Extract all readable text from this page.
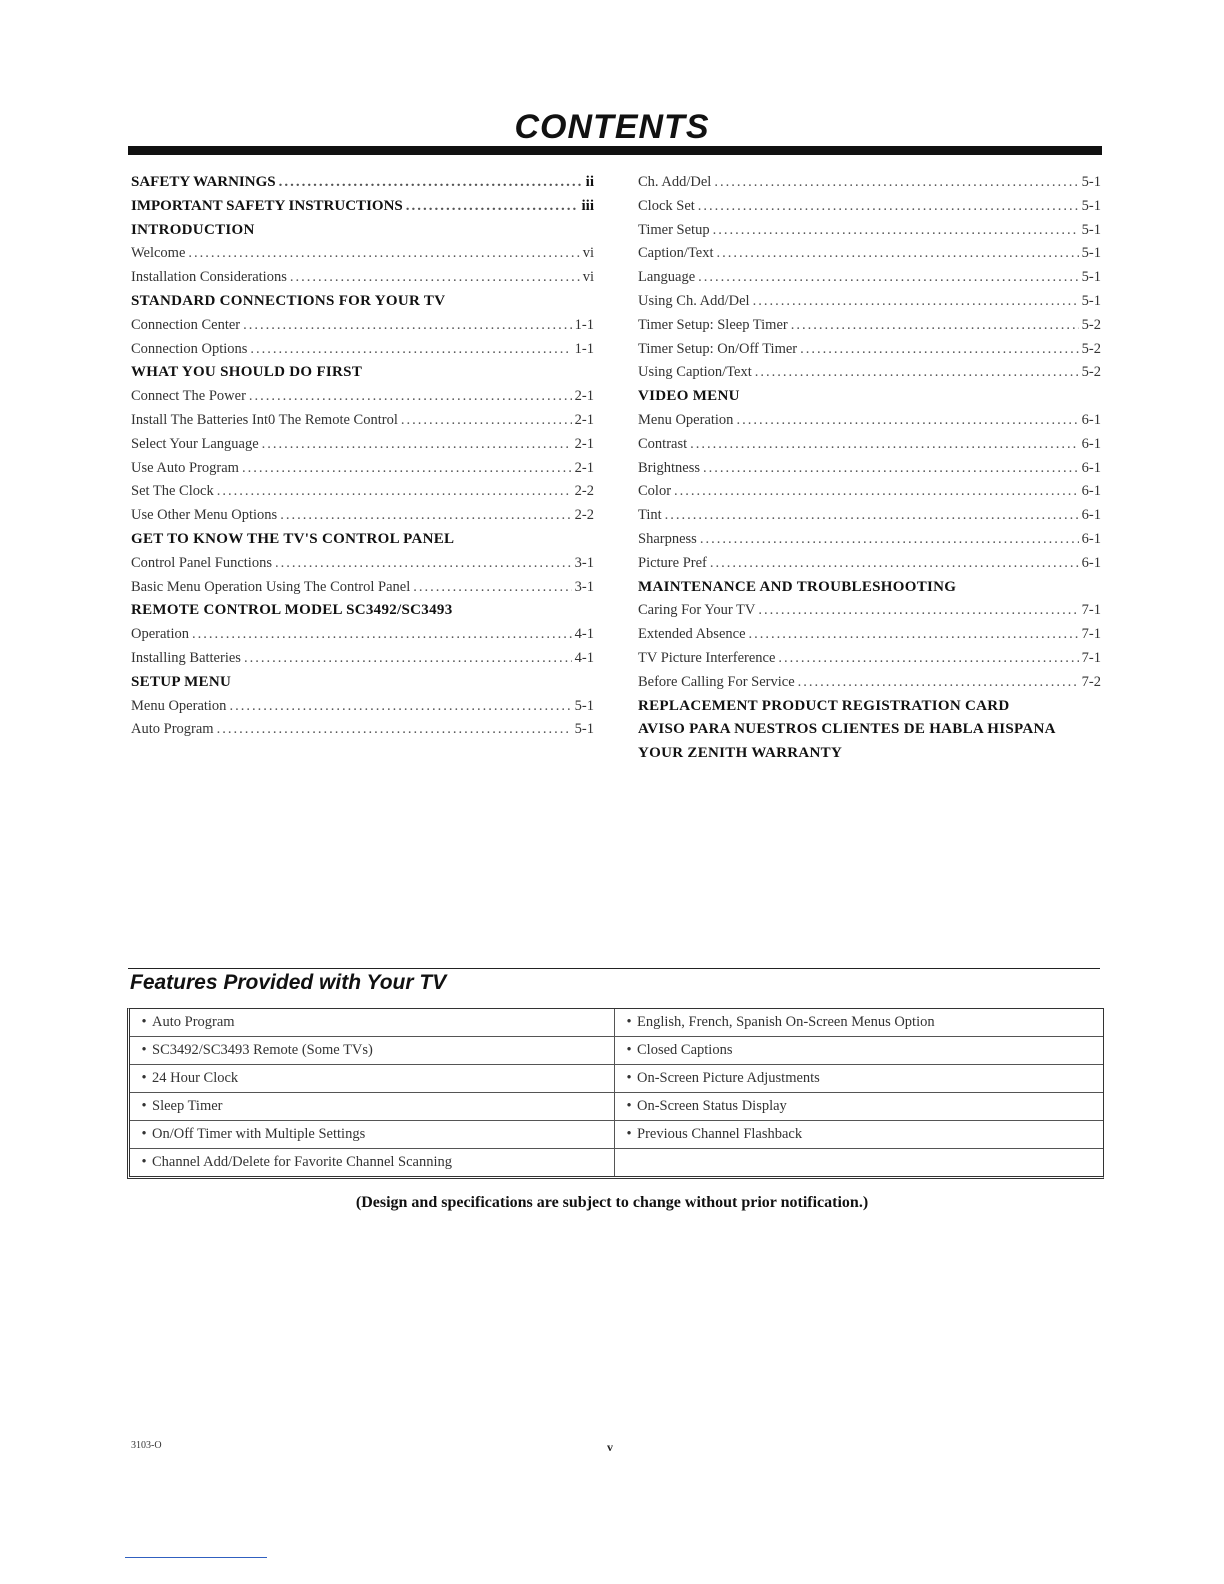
CONTENTS
SAFETY WARNINGS .....	ii
IMPORTANT SAFETY INSTRUCTIONS .....	iii
INTRODUCTION
Welcome .....	vi
Installation Considerations .....	vi
STANDARD CONNECTIONS FOR YOUR TV
Connection Center .....	1-1
Connection Options .....	1-1
WHAT YOU SHOULD DO FIRST
Connect The Power .....	2-1
Install The Batteries Int0 The Remote Control .....	2-1
Select Your Language .....	2-1
Use Auto Program .....	2-1
Set The Clock .....	2-2
Use Other Menu Options .....	2-2
GET TO KNOW THE TV'S CONTROL PANEL
Control Panel Functions .....	3-1
Basic Menu Operation Using The Control Panel .....	3-1
REMOTE CONTROL MODEL SC3492/SC3493
Operation .....	4-1
Installing Batteries .....	4-1
SETUP MENU
Menu Operation .....	5-1
Auto Program .....	5-1
Ch. Add/Del .....	5-1
Clock Set .....	5-1
Timer Setup .....	5-1
Caption/Text .....	5-1
Language .....	5-1
Using Ch. Add/Del .....	5-1
Timer Setup: Sleep Timer .....	5-2
Timer Setup: On/Off Timer .....	5-2
Using Caption/Text .....	5-2
VIDEO MENU
Menu Operation .....	6-1
Contrast .....	6-1
Brightness .....	6-1
Color .....	6-1
Tint .....	6-1
Sharpness .....	6-1
Picture Pref .....	6-1
MAINTENANCE AND TROUBLESHOOTING
Caring For Your TV .....	7-1
Extended Absence .....	7-1
TV Picture Interference .....	7-1
Before Calling For Service .....	7-2
REPLACEMENT PRODUCT REGISTRATION CARD
AVISO PARA NUESTROS CLIENTES DE HABLA HISPANA
YOUR ZENITH WARRANTY
Features Provided with Your TV
• Auto Program	• English, French, Spanish On-Screen Menus Option
• SC3492/SC3493 Remote (Some TVs)	• Closed Captions
• 24 Hour Clock	• On-Screen Picture Adjustments
• Sleep Timer	• On-Screen Status Display
• On/Off Timer with Multiple Settings	• Previous Channel Flashback
• Channel Add/Delete for Favorite Channel Scanning
(Design and specifications are subject to change without prior notification.)
3103-O	v
